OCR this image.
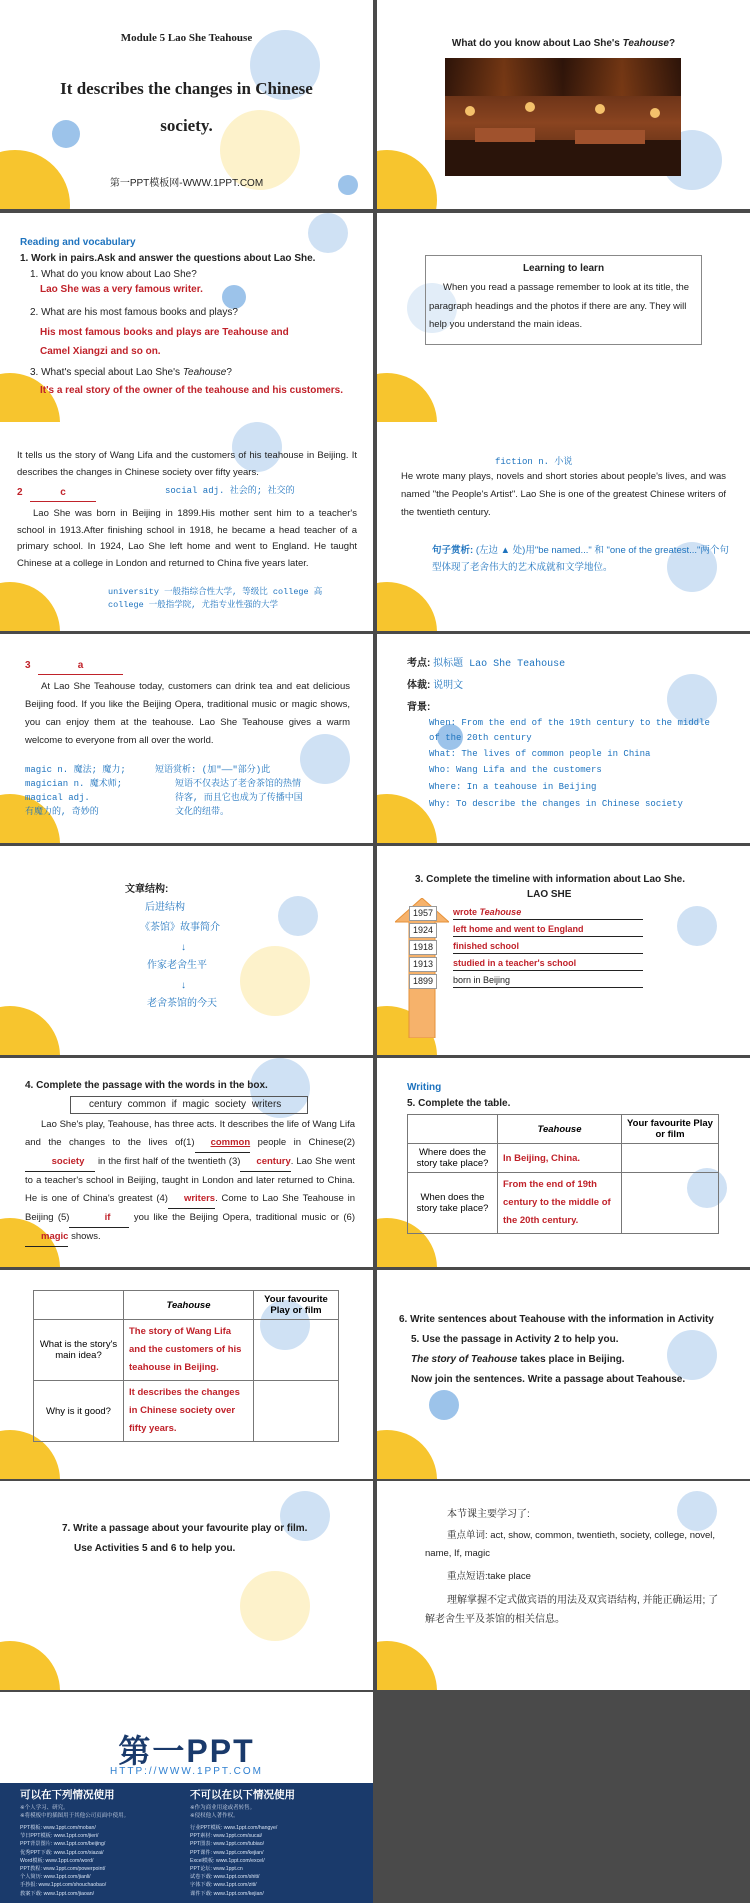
Module 5 Lao She Teahouse
It describes the changes in Chinese
society.
第一PPT模板网-WWW.1PPT.COM
What do you know about Lao She's Teahouse?
Reading and vocabulary
1. Work in pairs.Ask and answer the questions about Lao She.
1. What do you know about Lao She?
Lao She was a very famous writer.
2. What are his most famous books and plays?
His most famous books and plays are Teahouse and
Camel Xiangzi and so on.
3. What's special about Lao She's Teahouse?
It's a real story of the owner of the teahouse and his customers.
Learning to learn
When you read a passage remember to look at its title, the paragraph headings and the photos if there are any. They will help you understand the main ideas.
It tells us the story of Wang Lifa and the customers of his teahouse in Beijing. It describes the changes in Chinese society over fifty years.
2	c	social adj. 社会的; 社交的
Lao She was born in Beijing in 1899.His mother sent him to a teacher's school in 1913.After finishing school in 1918, he became a head teacher of a primary school. In 1924, Lao She left home and went to England. He taught Chinese at a college in London and returned to China five years later.
university 一般指综合性大学, 等级比 college 高
college 一般指学院, 尤指专业性强的大学
fiction n. 小说
He wrote many plays, novels and short stories about people's lives, and was named "the People's Artist". Lao She is one of the greatest Chinese writers of the twentieth century.
句子赏析: (左边 ▲ 处)用"be named..." 和 "one of the greatest..."两个句型体现了老舍伟大的艺术成就和文学地位。
3	a
At Lao She Teahouse today, customers can drink tea and eat delicious Beijing food. If you like the Beijing Opera, traditional music or magic shows, you can enjoy them at the teahouse. Lao She Teahouse gives a warm welcome to everyone from all over the world.
magic n. 魔法; 魔力;
magician n. 魔术师;
magical adj.
有魔力的, 奇妙的
短语赏析: (加"——"部分)此
短语不仅表达了老舍茶馆的热情
待客, 而且它也成为了传播中国
文化的纽带。
考点: 拟标题 Lao She Teahouse
体裁: 说明文
背景:
When: From the end of the 19th century to the middle of the 20th century
What: The lives of common people in China
Who: Wang Lifa and the customers
Where: In a teahouse in Beijing
Why: To describe the changes in Chinese society
文章结构:
后进结构
《茶馆》故事简介
↓
作家老舍生平
↓
老舍茶馆的今天
3. Complete the timeline with information about Lao She.
LAO SHE
1957	wrote Teahouse
1924	left home and went to England
1918	finished school
1913	studied in a teacher's school
1899	born in Beijing
4. Complete the passage with the words in the box.
century common if magic society writers
Lao She's play, Teahouse, has three acts. It describes the life of Wang Lifa and the changes to the lives of(1) common people in Chinese(2)society in the first half of the twentieth (3) century. Lao She went to a teacher's school in Beijing, taught in London and later returned to China. He is one of China's greatest (4) writers. Come to Lao She Teahouse in Beijing (5)	if you like the Beijing Opera, traditional music or (6)magic shows.
Writing
5. Complete the table.
	Teahouse	Your favourite Play or film
Where does the story take place?	In Beijing, China.	
When does the story take place?	From the end of 19th century to the middle of the 20th century.	
	Teahouse	Your favourite Play or film
What is the story's main idea?	The story of Wang Lifa and the customers of his teahouse in Beijing.	
Why is it good?	It describes the changes in Chinese society over fifty years.	
6. Write sentences about Teahouse with the information in Activity
5. Use the passage in Activity 2 to help you.
The story of Teahouse takes place in Beijing.
Now join the sentences. Write a passage about Teahouse.
7. Write a passage about your favourite play or film.
Use Activities 5 and 6 to help you.
本节课主要学习了:
重点单词: act, show, common, twentieth, society, college, novel, name, If, magic
重点短语:take place
理解掌握不定式做宾语的用法及双宾语结构, 并能正确运用; 了解老舍生平及茶馆的相关信息。
第一PPT
HTTP://WWW.1PPT.COM
可以在下列情况使用	不可以在以下情况使用
※个人学习、研究。
※将模板中的插图用于其他公司页面中使用。
※作为商业用途或者转售。
※侵权他人著作权。
PPT模板: www.1ppt.com/moban/
节日PPT模板: www.1ppt.com/jieri/
PPT背景图片: www.1ppt.com/beijing/
优秀PPT下载: www.1ppt.com/xiazai/
Word模板: www.1ppt.com/word/
PPT教程: www.1ppt.com/powerpoint/
个人简历: www.1ppt.com/jianli/
手抄报: www.1ppt.com/shouchaobao/
教案下载: www.1ppt.com/jiaoan/
行业PPT模板: www.1ppt.com/hangye/
PPT素材: www.1ppt.com/sucai/
PPT图表: www.1ppt.com/tubiao/
PPT课件: www.1ppt.com/kejian/
Excel模板: www.1ppt.com/excel/
PPT论坛: www.1ppt.cn
试卷下载: www.1ppt.com/shiti/
字体下载: www.1ppt.com/ziti/
课件下载: www.1ppt.com/kejian/
